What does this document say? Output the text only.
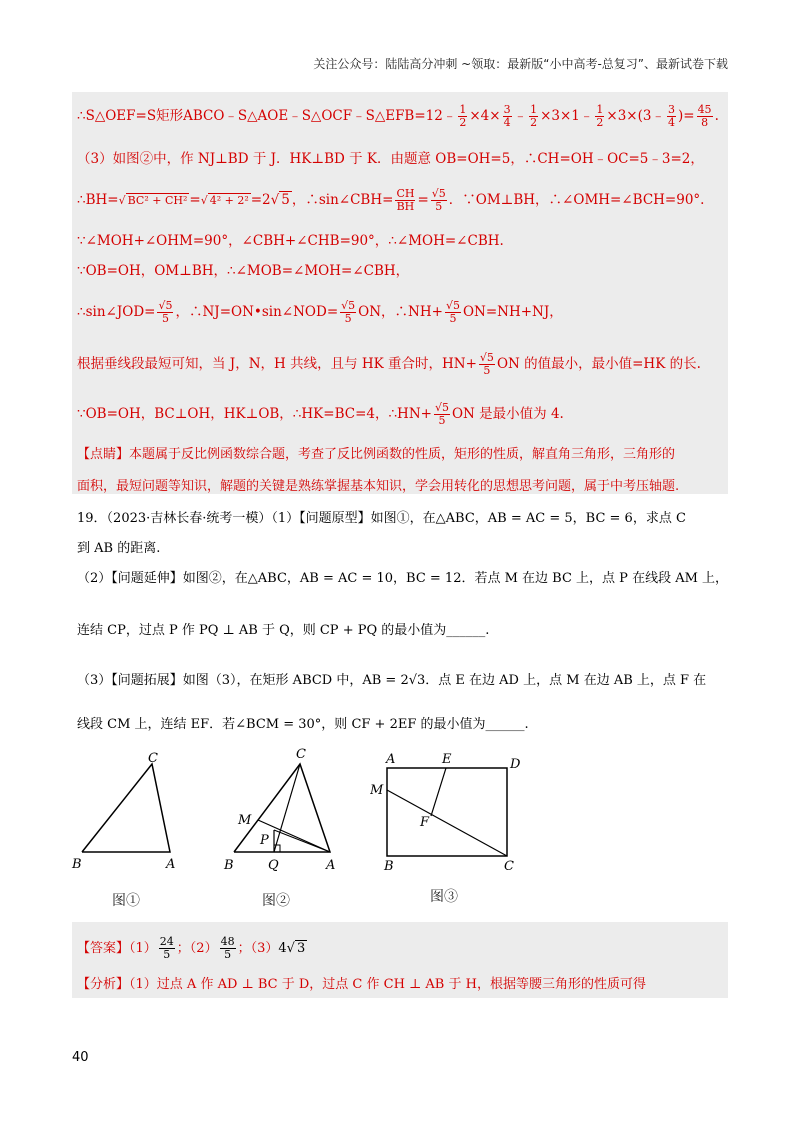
关注公众号：陆陆高分冲刺 ~领取：最新版“小中高考-总复习”、最新试卷下载
∴S△OEF=S矩形ABCO﹣S△AOE﹣S△OCF﹣S△EFB=12﹣ $\frac{1}{2} \times 4\times \frac{3}{4}$ ﹣ $\frac{1}{2}$ ×3×1﹣ $\frac{1}{2}$ ×3×(3﹣ $\frac{3}{4}$ )= $\frac{45}{8}$ .
（3）如图②中，作 NJ⊥BD 于 J．HK⊥BD 于 K．由题意 OB=OH=5，∴CH=OH﹣OC=5﹣3=2，
∴BH=√ BC² + CH² =√ 4² + 2² =2√ 5 ，∴sin∠CBH= $\frac{CH}{BH} = \frac{√5}{5}$ ．∵OM⊥BH，∴∠OMH=∠BCH=90°.
∵∠MOH+∠OHM=90°，∠CBH+∠CHB=90°，∴∠MOH=∠CBH.
∵OB=OH，OM⊥BH，∴∠MOB=∠MOH=∠CBH，
∴sin∠JOD= $\frac{√5}{5}$ ，∴NJ=ON•sin∠NOD= $\frac{√5}{5}$ ON，∴NH+ $\frac{√5}{5} ON=NH+NJ$，
根据垂线段最短可知，当 J，N，H 共线，且与 HK 重合时，$HN+ \frac{√5}{5}$ ON 的值最小，最小值=HK 的长.
∵OB=OH，BC⊥OH，HK⊥OB，∴HK=BC=4，∴HN+ $\frac{√5}{5}$ ON 是最小值为 4.
【点睛】本题属于反比例函数综合题，考查了反比例函数的性质，矩形的性质，解直角三角形，三角形的
面积，最短问题等知识，解题的关键是熟练掌握基本知识，学会用转化的思想思考问题，属于中考压轴题.
19．（2023·吉林长春·统考一模）（1）【问题原型】如图①，在△ABC，AB = AC = 5，BC = 6，求点 C
到 AB 的距离.
（2）【问题延伸】如图②，在△ABC，AB = AC = 10，BC = 12．若点 M 在边 BC 上，点 P 在线段 AM 上，
连结 CP，过点 P 作 PQ ⊥ AB 于 Q，则 CP + PQ 的最小值为______.
（3）【问题拓展】如图（3），在矩形 ABCD 中，AB = 2√3．点 E 在边 AD 上，点 M 在边 AB 上，点 F 在
线段 CM 上，连结 EF．若∠BCM = 30°，则 CF + 2EF 的最小值为______.
C
B	A
图①
C
M
P
B	Q	A
图②
A	E	D
M
F
B	C
图③
【答案】$(1) \frac{24}{5}$ ；$(2) \frac{48}{5}$ ；（3）4√ 3
【分析】（1）过点 A 作 AD ⊥ BC 于 D，过点 C 作 CH ⊥ AB 于 H，根据等腰三角形的性质可得
40
